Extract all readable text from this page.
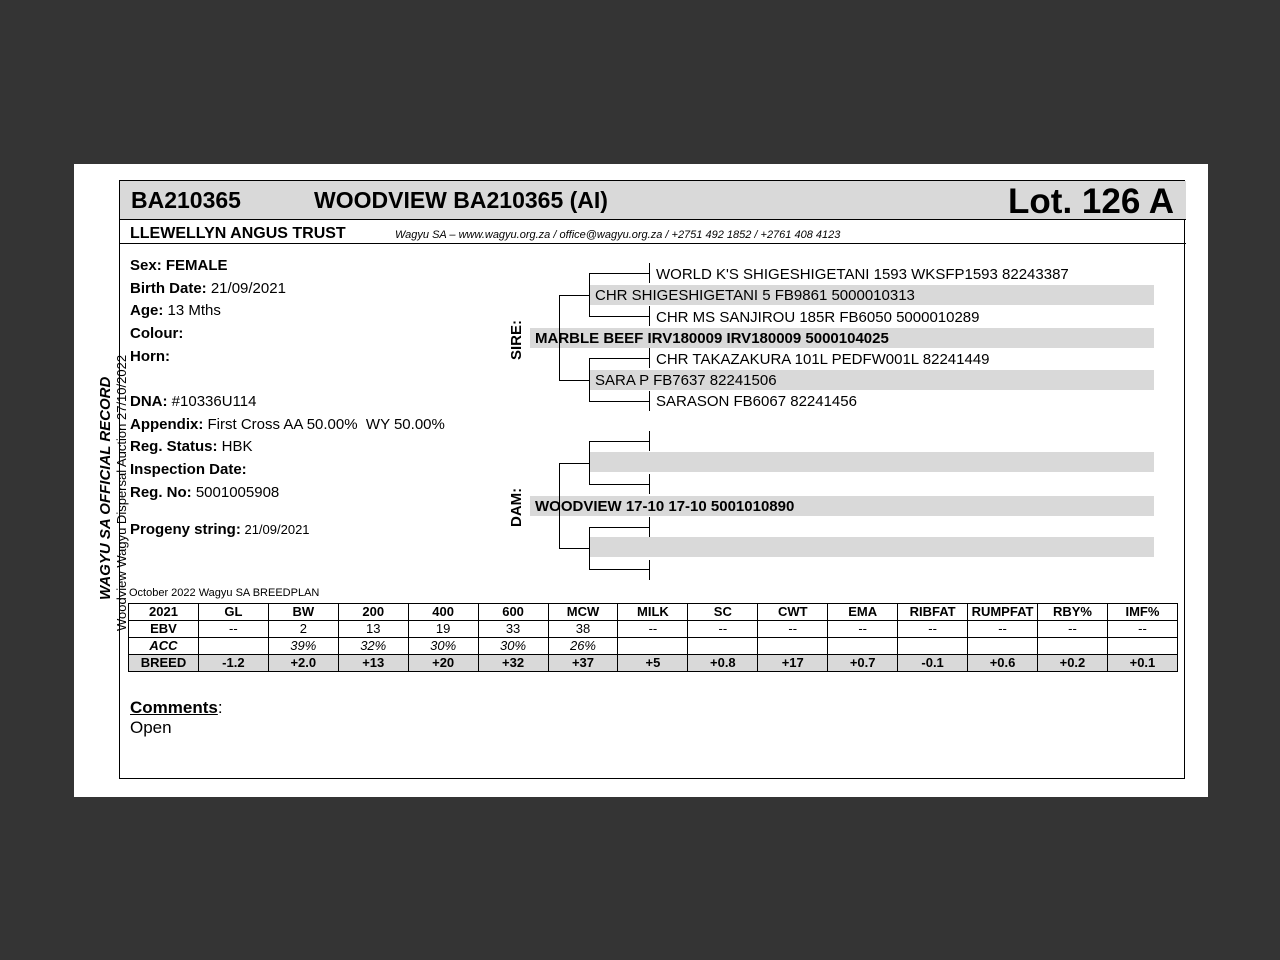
BA210365	WOODVIEW BA210365 (AI)	Lot. 126 A
LLEWELLYN ANGUS TRUST	Wagyu SA – www.wagyu.org.za / office@wagyu.org.za / +2751 492 1852 / +2761 408 4123
WAGYU SA OFFICIAL RECORD Woodview Wagyu Dispersal Auction 27/10/2022
Sex: FEMALE
Birth Date: 21/09/2021
Age: 13 Mths
Colour:
Horn:
DNA: #10336U114
Appendix: First Cross AA 50.00%  WY 50.00%
Reg. Status: HBK
Inspection Date:
Reg. No: 5001005908
Progeny string: 21/09/2021
SIRE:
DAM:
WORLD K'S SHIGESHIGETANI 1593 WKSFP1593 82243387
CHR SHIGESHIGETANI 5 FB9861 5000010313
CHR MS SANJIROU 185R FB6050 5000010289
MARBLE BEEF IRV180009 IRV180009 5000104025
CHR TAKAZAKURA 101L PEDFW001L 82241449
SARA P FB7637 82241506
SARASON FB6067 82241456
WOODVIEW 17-10 17-10 5001010890
October 2022 Wagyu SA BREEDPLAN
2021	GL	BW	200	400	600	MCW	MILK	SC	CWT	EMA	RIBFAT	RUMPFAT	RBY%	IMF%
EBV	--	2	13	19	33	38	--	--	--	--	--	--	--	--
ACC		39%	32%	30%	30%	26%								
BREED	-1.2	+2.0	+13	+20	+32	+37	+5	+0.8	+17	+0.7	-0.1	+0.6	+0.2	+0.1
Comments:
Open
